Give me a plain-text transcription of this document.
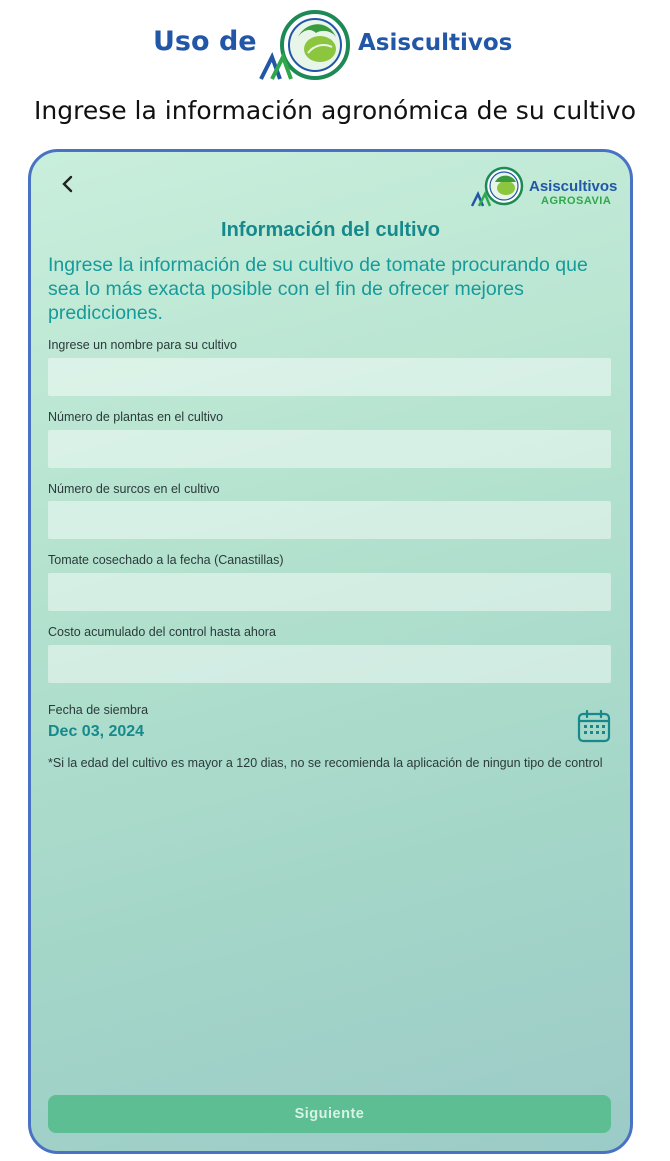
Uso de	Asiscultivos
Ingrese la información agronómica de su cultivo
Asiscultivos
AGROSAVIA
Información del cultivo
Ingrese la información de su cultivo de tomate procurando que sea lo más exacta posible con el fin de ofrecer mejores predicciones.
Ingrese un nombre para su cultivo
Número de plantas en el cultivo
Número de surcos en el cultivo
Tomate cosechado a la fecha (Canastillas)
Costo acumulado del control hasta ahora
Fecha de siembra
Dec 03, 2024
*Si la edad del cultivo es mayor a 120 dias, no se recomienda la aplicación de ningun tipo de control
Siguiente
